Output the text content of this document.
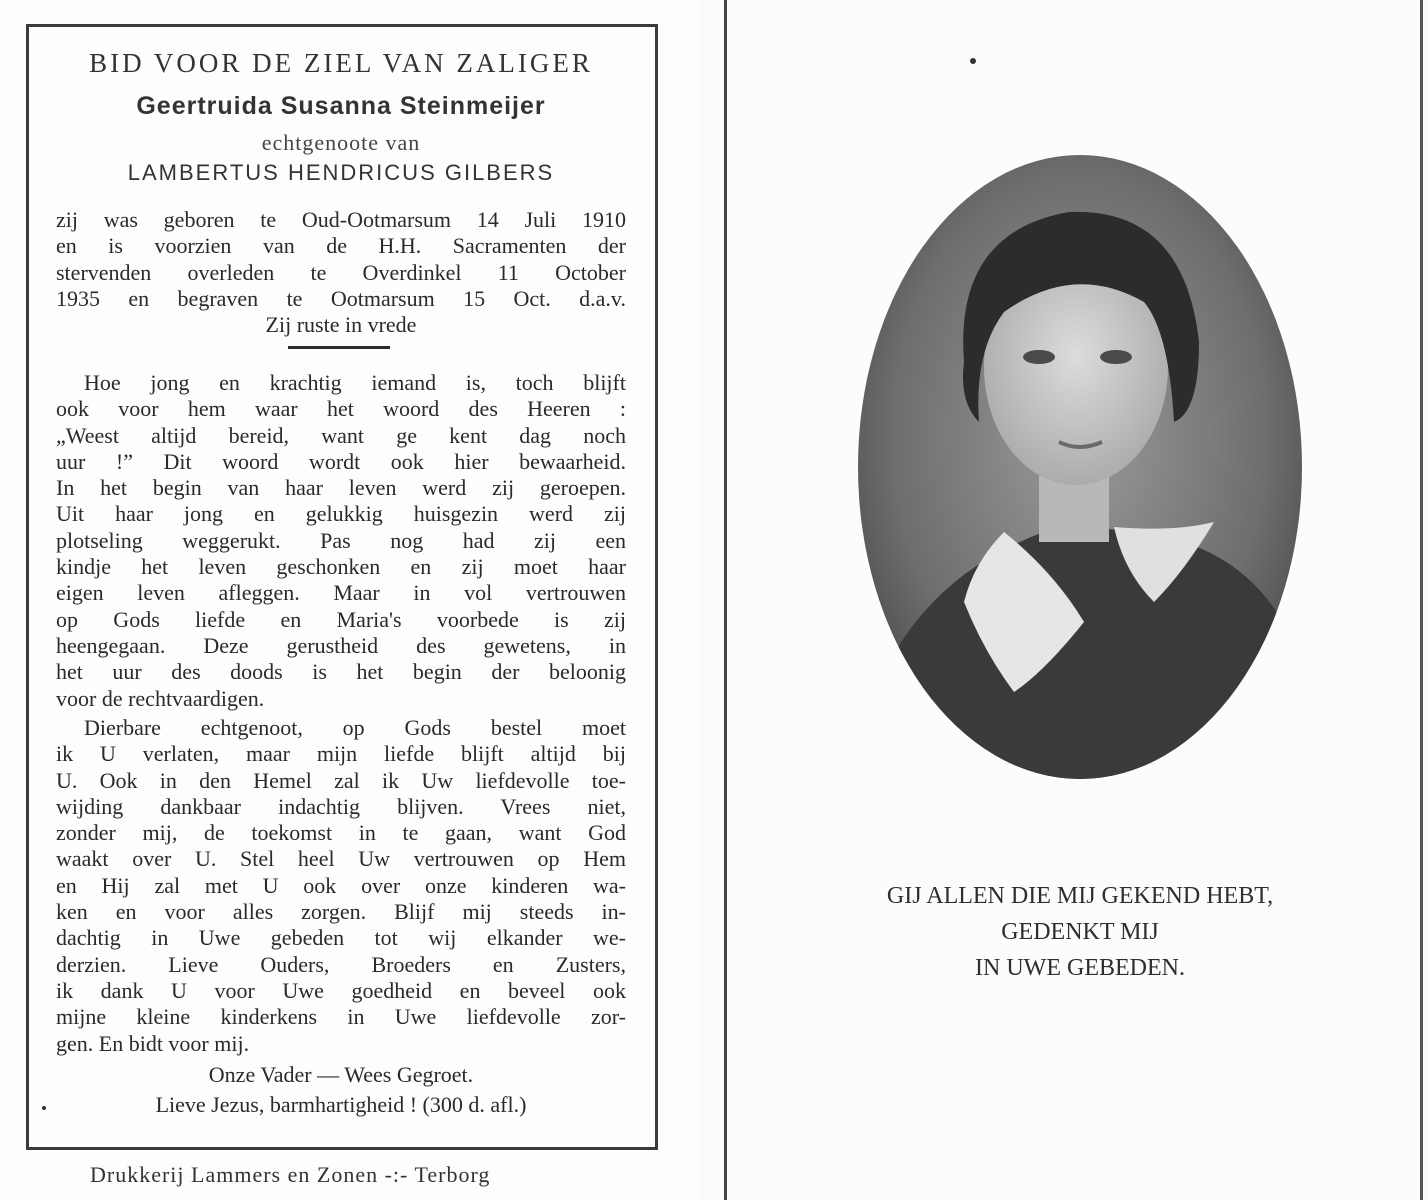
BID VOOR DE ZIEL VAN ZALIGER
Geertruida Susanna Steinmeijer
echtgenoote van
LAMBERTUS HENDRICUS GILBERS
zij was geboren te Oud-Ootmarsum 14 Juli 1910
en is voorzien van de H.H. Sacramenten der
stervenden overleden te Overdinkel 11 October
1935 en begraven te Ootmarsum 15 Oct. d.a.v.
Zij ruste in vrede
Hoe jong en krachtig iemand is, toch blijft
ook voor hem waar het woord des Heeren :
„Weest altijd bereid, want ge kent dag noch
uur !” Dit woord wordt ook hier bewaarheid.
In het begin van haar leven werd zij geroepen.
Uit haar jong en gelukkig huisgezin werd zij
plotseling weggerukt. Pas nog had zij een
kindje het leven geschonken en zij moet haar
eigen leven afleggen. Maar in vol vertrouwen
op Gods liefde en Maria's voorbede is zij
heengegaan. Deze gerustheid des gewetens, in
het uur des doods is het begin der beloonig
voor de rechtvaardigen.
Dierbare echtgenoot, op Gods bestel moet
ik U verlaten, maar mijn liefde blijft altijd bij
U. Ook in den Hemel zal ik Uw liefdevolle toe-
wijding dankbaar indachtig blijven. Vrees niet,
zonder mij, de toekomst in te gaan, want God
waakt over U. Stel heel Uw vertrouwen op Hem
en Hij zal met U ook over onze kinderen wa-
ken en voor alles zorgen. Blijf mij steeds in-
dachtig in Uwe gebeden tot wij elkander we-
derzien. Lieve Ouders, Broeders en Zusters,
ik dank U voor Uwe goedheid en beveel ook
mijne kleine kinderkens in Uwe liefdevolle zor-
gen. En bidt voor mij.
Onze Vader — Wees Gegroet.
Lieve Jezus, barmhartigheid ! (300 d. afl.)
Drukkerij Lammers en Zonen -:- Terborg
GIJ ALLEN DIE MIJ GEKEND HEBT,
GEDENKT MIJ
IN UWE GEBEDEN.
